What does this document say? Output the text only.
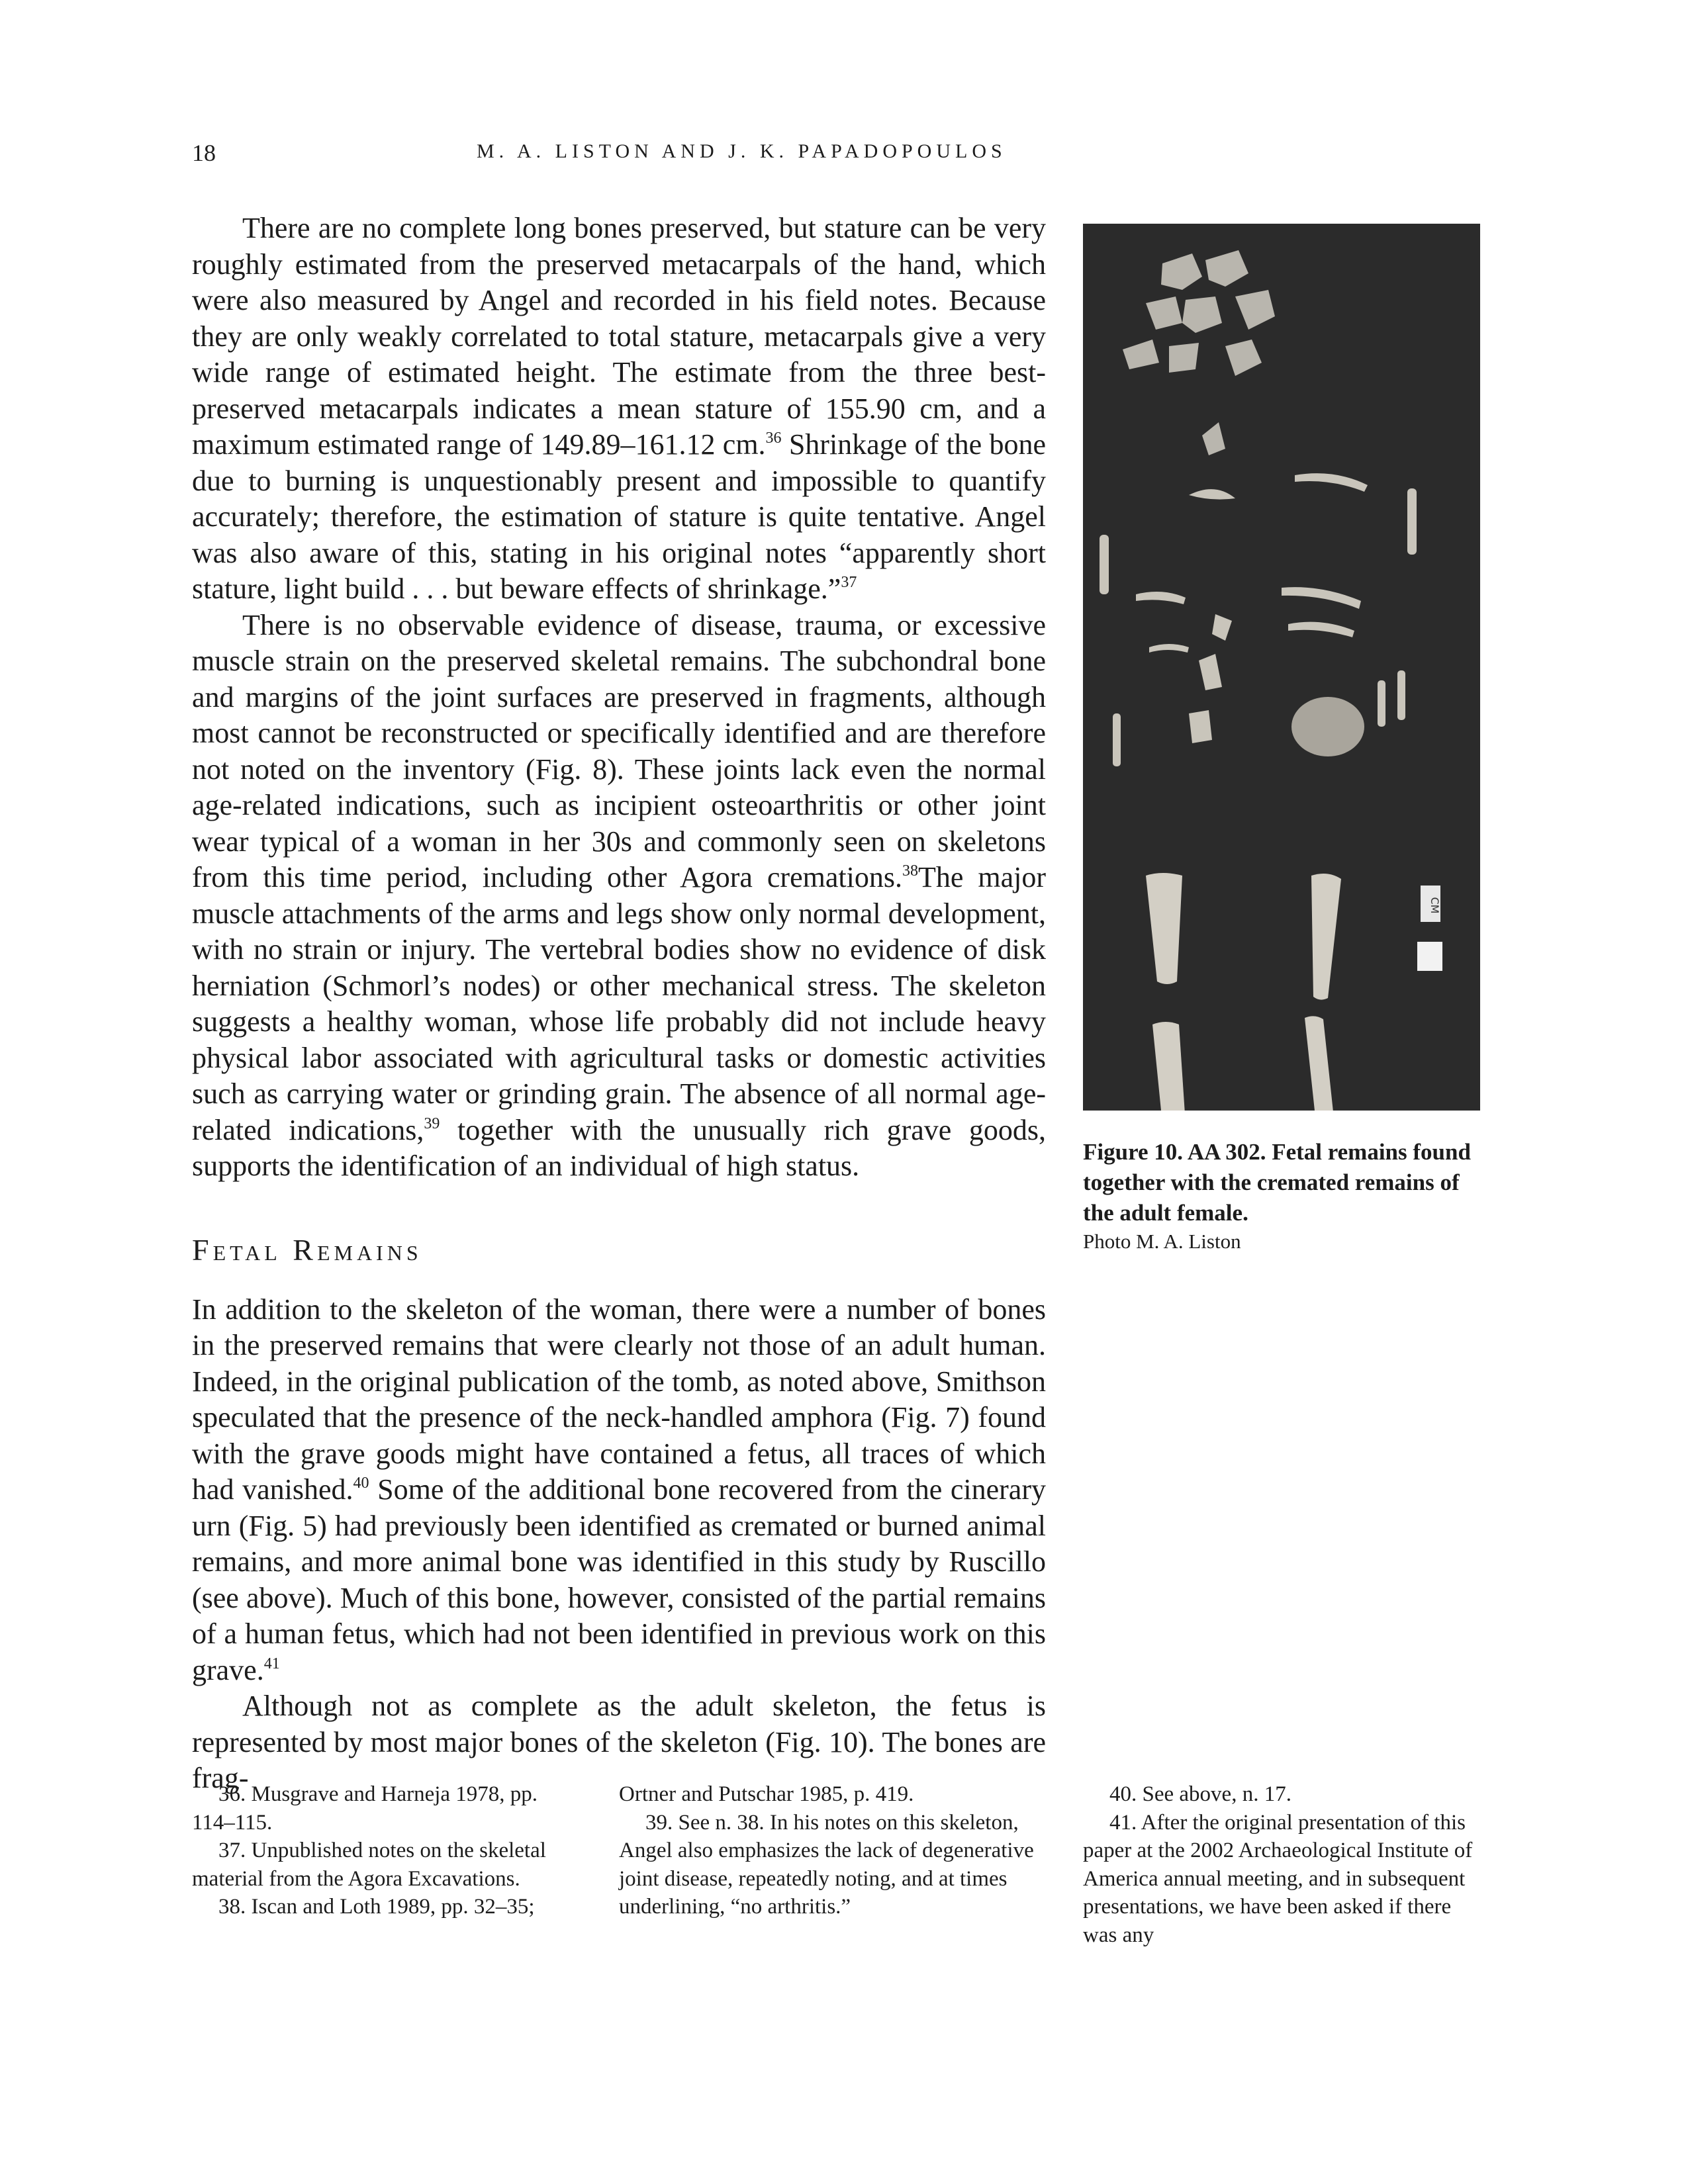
18	M. A. LISTON AND J. K. PAPADOPOULOS

There are no complete long bones preserved, but stature can be very roughly estimated from the preserved metacarpals of the hand, which were also measured by Angel and recorded in his field notes. Because they are only weakly correlated to total stature, metacarpals give a very wide range of estimated height. The estimate from the three best-preserved metacarpals indicates a mean stature of 155.90 cm, and a maximum estimated range of 149.89–161.12 cm.$^{36}$ Shrinkage of the bone due to burning is unquestionably present and impossible to quantify accurately; therefore, the estimation of stature is quite tentative. Angel was also aware of this, stating in his original notes “apparently short stature, light build . . . but beware effects of shrinkage.”$^{37}$

There is no observable evidence of disease, trauma, or excessive muscle strain on the preserved skeletal remains. The subchondral bone and margins of the joint surfaces are preserved in fragments, although most cannot be reconstructed or specifically identified and are therefore not noted on the inventory (Fig. 8). These joints lack even the normal age-related indications, such as incipient osteoarthritis or other joint wear typical of a woman in her 30s and commonly seen on skeletons from this time period, including other Agora cremations.$^{38}$The major muscle attachments of the arms and legs show only normal development, with no strain or injury. The vertebral bodies show no evidence of disk herniation (Schmorl’s nodes) or other mechanical stress. The skeleton suggests a healthy woman, whose life probably did not include heavy physical labor associated with agricultural tasks or domestic activities such as carrying water or grinding grain. The absence of all normal age-related indications,$^{39}$ together with the unusually rich grave goods, supports the identification of an individual of high status.

Fetal Remains

In addition to the skeleton of the woman, there were a number of bones in the preserved remains that were clearly not those of an adult human. Indeed, in the original publication of the tomb, as noted above, Smithson speculated that the presence of the neck-handled amphora (Fig. 7) found with the grave goods might have contained a fetus, all traces of which had vanished.$^{40}$ Some of the additional bone recovered from the cinerary urn (Fig. 5) had previously been identified as cremated or burned animal remains, and more animal bone was identified in this study by Ruscillo (see above). Much of this bone, however, consisted of the partial remains of a human fetus, which had not been identified in previous work on this grave.$^{41}$

Although not as complete as the adult skeleton, the fetus is represented by most major bones of the skeleton (Fig. 10). The bones are frag-

CM
Figure 10. AA 302. Fetal remains found together with the cremated remains of the adult female.
Photo M. A. Liston

36. Musgrave and Harneja 1978, pp. 114–115.

37. Unpublished notes on the skeletal material from the Agora Excavations.

38. Iscan and Loth 1989, pp. 32–35;

Ortner and Putschar 1985, p. 419.

39. See n. 38. In his notes on this skeleton, Angel also emphasizes the lack of degenerative joint disease, repeatedly noting, and at times underlining, “no arthritis.”

40. See above, n. 17.

41. After the original presentation of this paper at the 2002 Archaeological Institute of America annual meeting, and in subsequent presentations, we have been asked if there was any
